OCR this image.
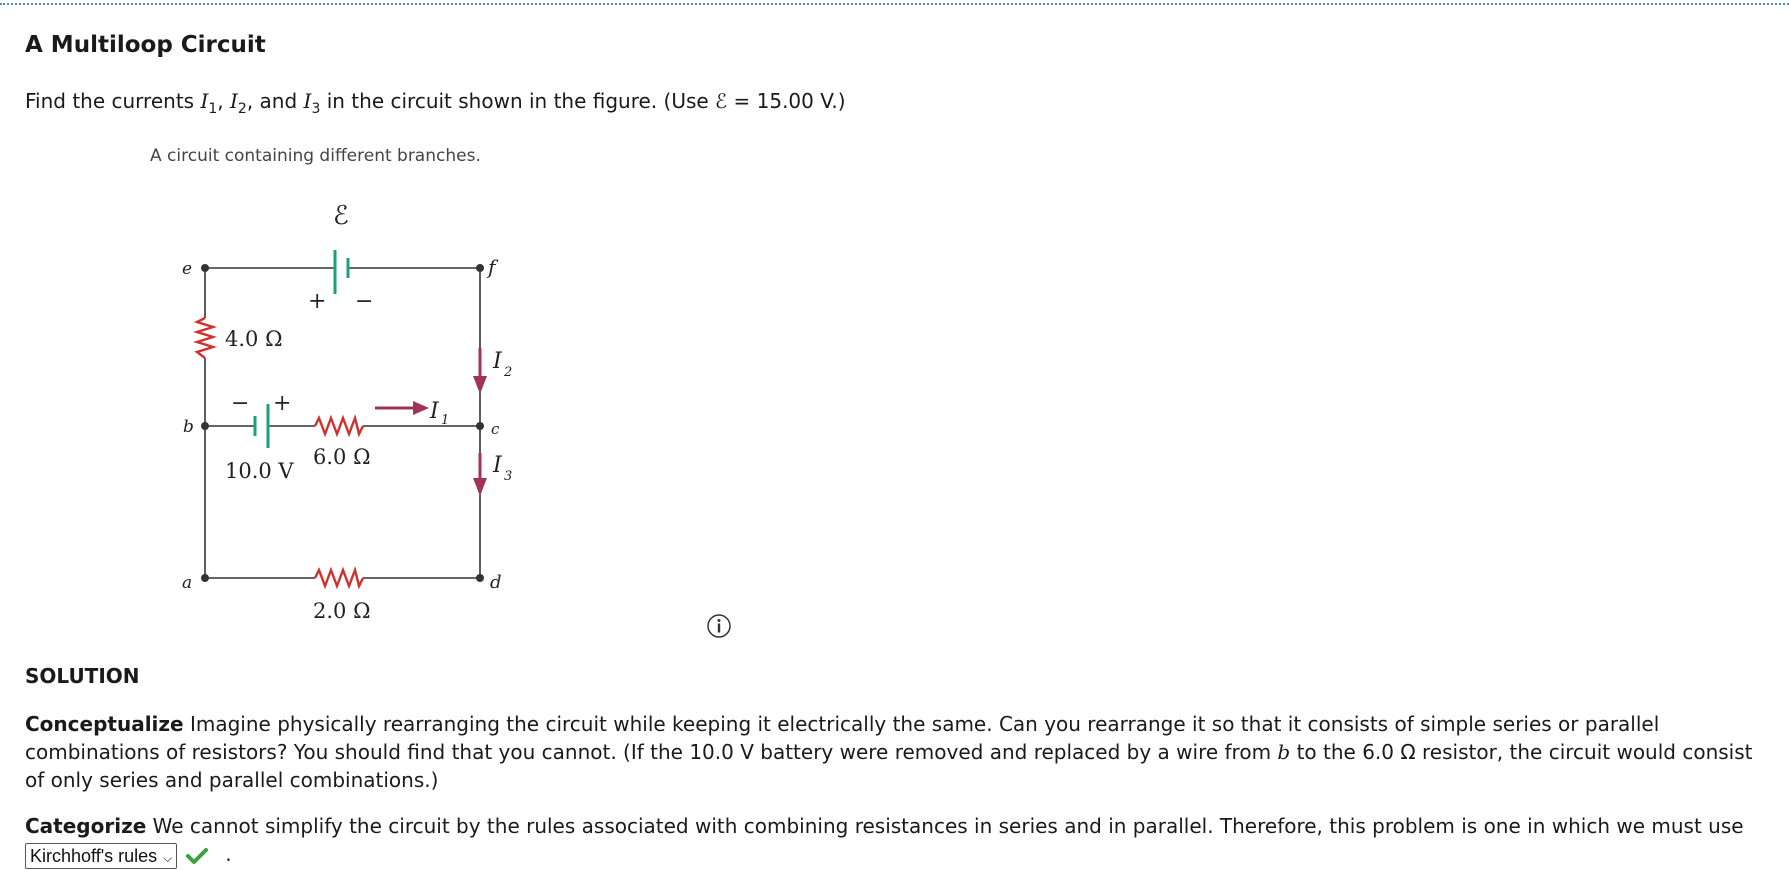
A Multiloop Circuit
Find the currents $I_1$, $I_2$, and $I_3$ in the circuit shown in the figure. (Use ℰ = 15.00 V.)
A circuit containing different branches.
ℰ
+ −
e	f
b	c
a	d
4.0 Ω
6.0 Ω
2.0 Ω
10.0 V
− +	I 1
I 2
I 3
SOLUTION
Conceptualize Imagine physically rearranging the circuit while keeping it electrically the same. Can you rearrange it so that it consists of simple series or parallel combinations of resistors? You should find that you cannot. (If the 10.0 V battery were removed and replaced by a wire from b to the 6.0 Ω resistor, the circuit would consist of only series and parallel combinations.)
Categorize We cannot simplify the circuit by the rules associated with combining resistances in series and in parallel. Therefore, this problem is one in which we must use
Kirchhoff's rules ⌵	.
